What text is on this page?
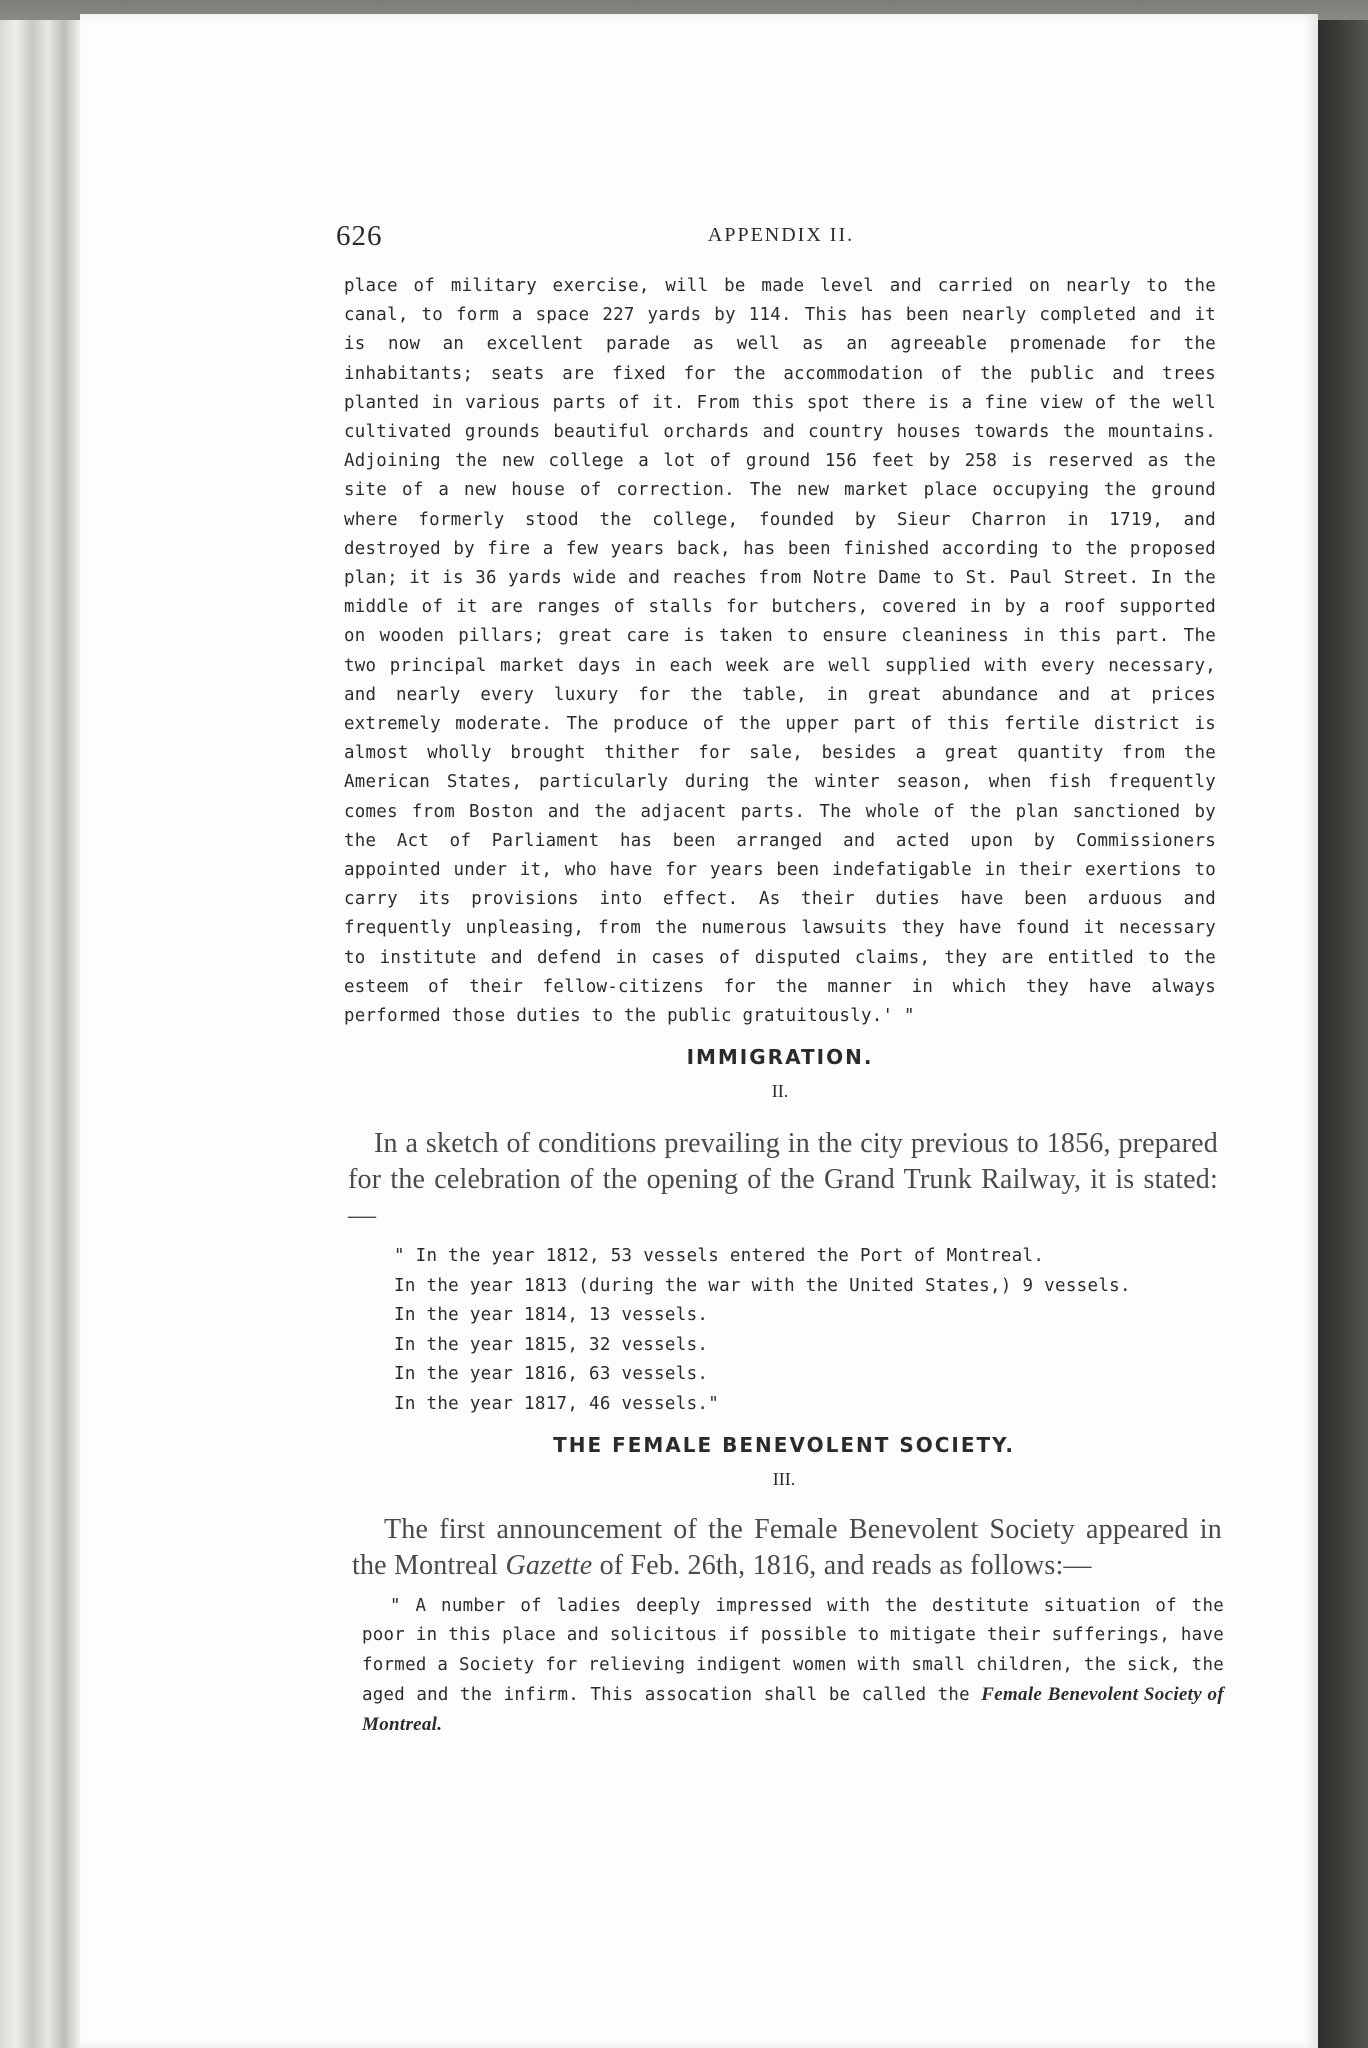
626	APPENDIX II.

place of military exercise, will be made level and carried on nearly to the canal, to form a space 227 yards by 114. This has been nearly completed and it is now an excellent parade as well as an agreeable promenade for the inhabitants; seats are fixed for the accommodation of the public and trees planted in various parts of it. From this spot there is a fine view of the well cultivated grounds beautiful orchards and country houses towards the mountains. Adjoining the new college a lot of ground 156 feet by 258 is reserved as the site of a new house of correction. The new market place occupying the ground where formerly stood the college, founded by Sieur Charron in 1719, and destroyed by fire a few years back, has been finished according to the proposed plan; it is 36 yards wide and reaches from Notre Dame to St. Paul Street. In the middle of it are ranges of stalls for butchers, covered in by a roof supported on wooden pillars; great care is taken to ensure cleaniness in this part. The two principal market days in each week are well supplied with every necessary, and nearly every luxury for the table, in great abundance and at prices extremely moderate. The produce of the upper part of this fertile district is almost wholly brought thither for sale, besides a great quantity from the American States, particularly during the winter season, when fish frequently comes from Boston and the adjacent parts. The whole of the plan sanctioned by the Act of Parliament has been arranged and acted upon by Commissioners appointed under it, who have for years been indefatigable in their exertions to carry its provisions into effect. As their duties have been arduous and frequently unpleasing, from the numerous lawsuits they have found it necessary to institute and defend in cases of disputed claims, they are entitled to the esteem of their fellow-citizens for the manner in which they have always performed those duties to the public gratuitously.' "

IMMIGRATION.

II.

In a sketch of conditions prevailing in the city previous to 1856, prepared for the celebration of the opening of the Grand Trunk Railway, it is stated:—

" In the year 1812, 53 vessels entered the Port of Montreal.
In the year 1813 (during the war with the United States,) 9 vessels.
In the year 1814, 13 vessels.
In the year 1815, 32 vessels.
In the year 1816, 63 vessels.
In the year 1817, 46 vessels."
THE FEMALE BENEVOLENT SOCIETY.

III.

The first announcement of the Female Benevolent Society appeared in the Montreal Gazette of Feb. 26th, 1816, and reads as follows:—

" A number of ladies deeply impressed with the destitute situation of the poor in this place and solicitous if possible to mitigate their sufferings, have formed a Society for relieving indigent women with small children, the sick, the aged and the infirm. This assocation shall be called the Female Benevolent Society of Montreal.
